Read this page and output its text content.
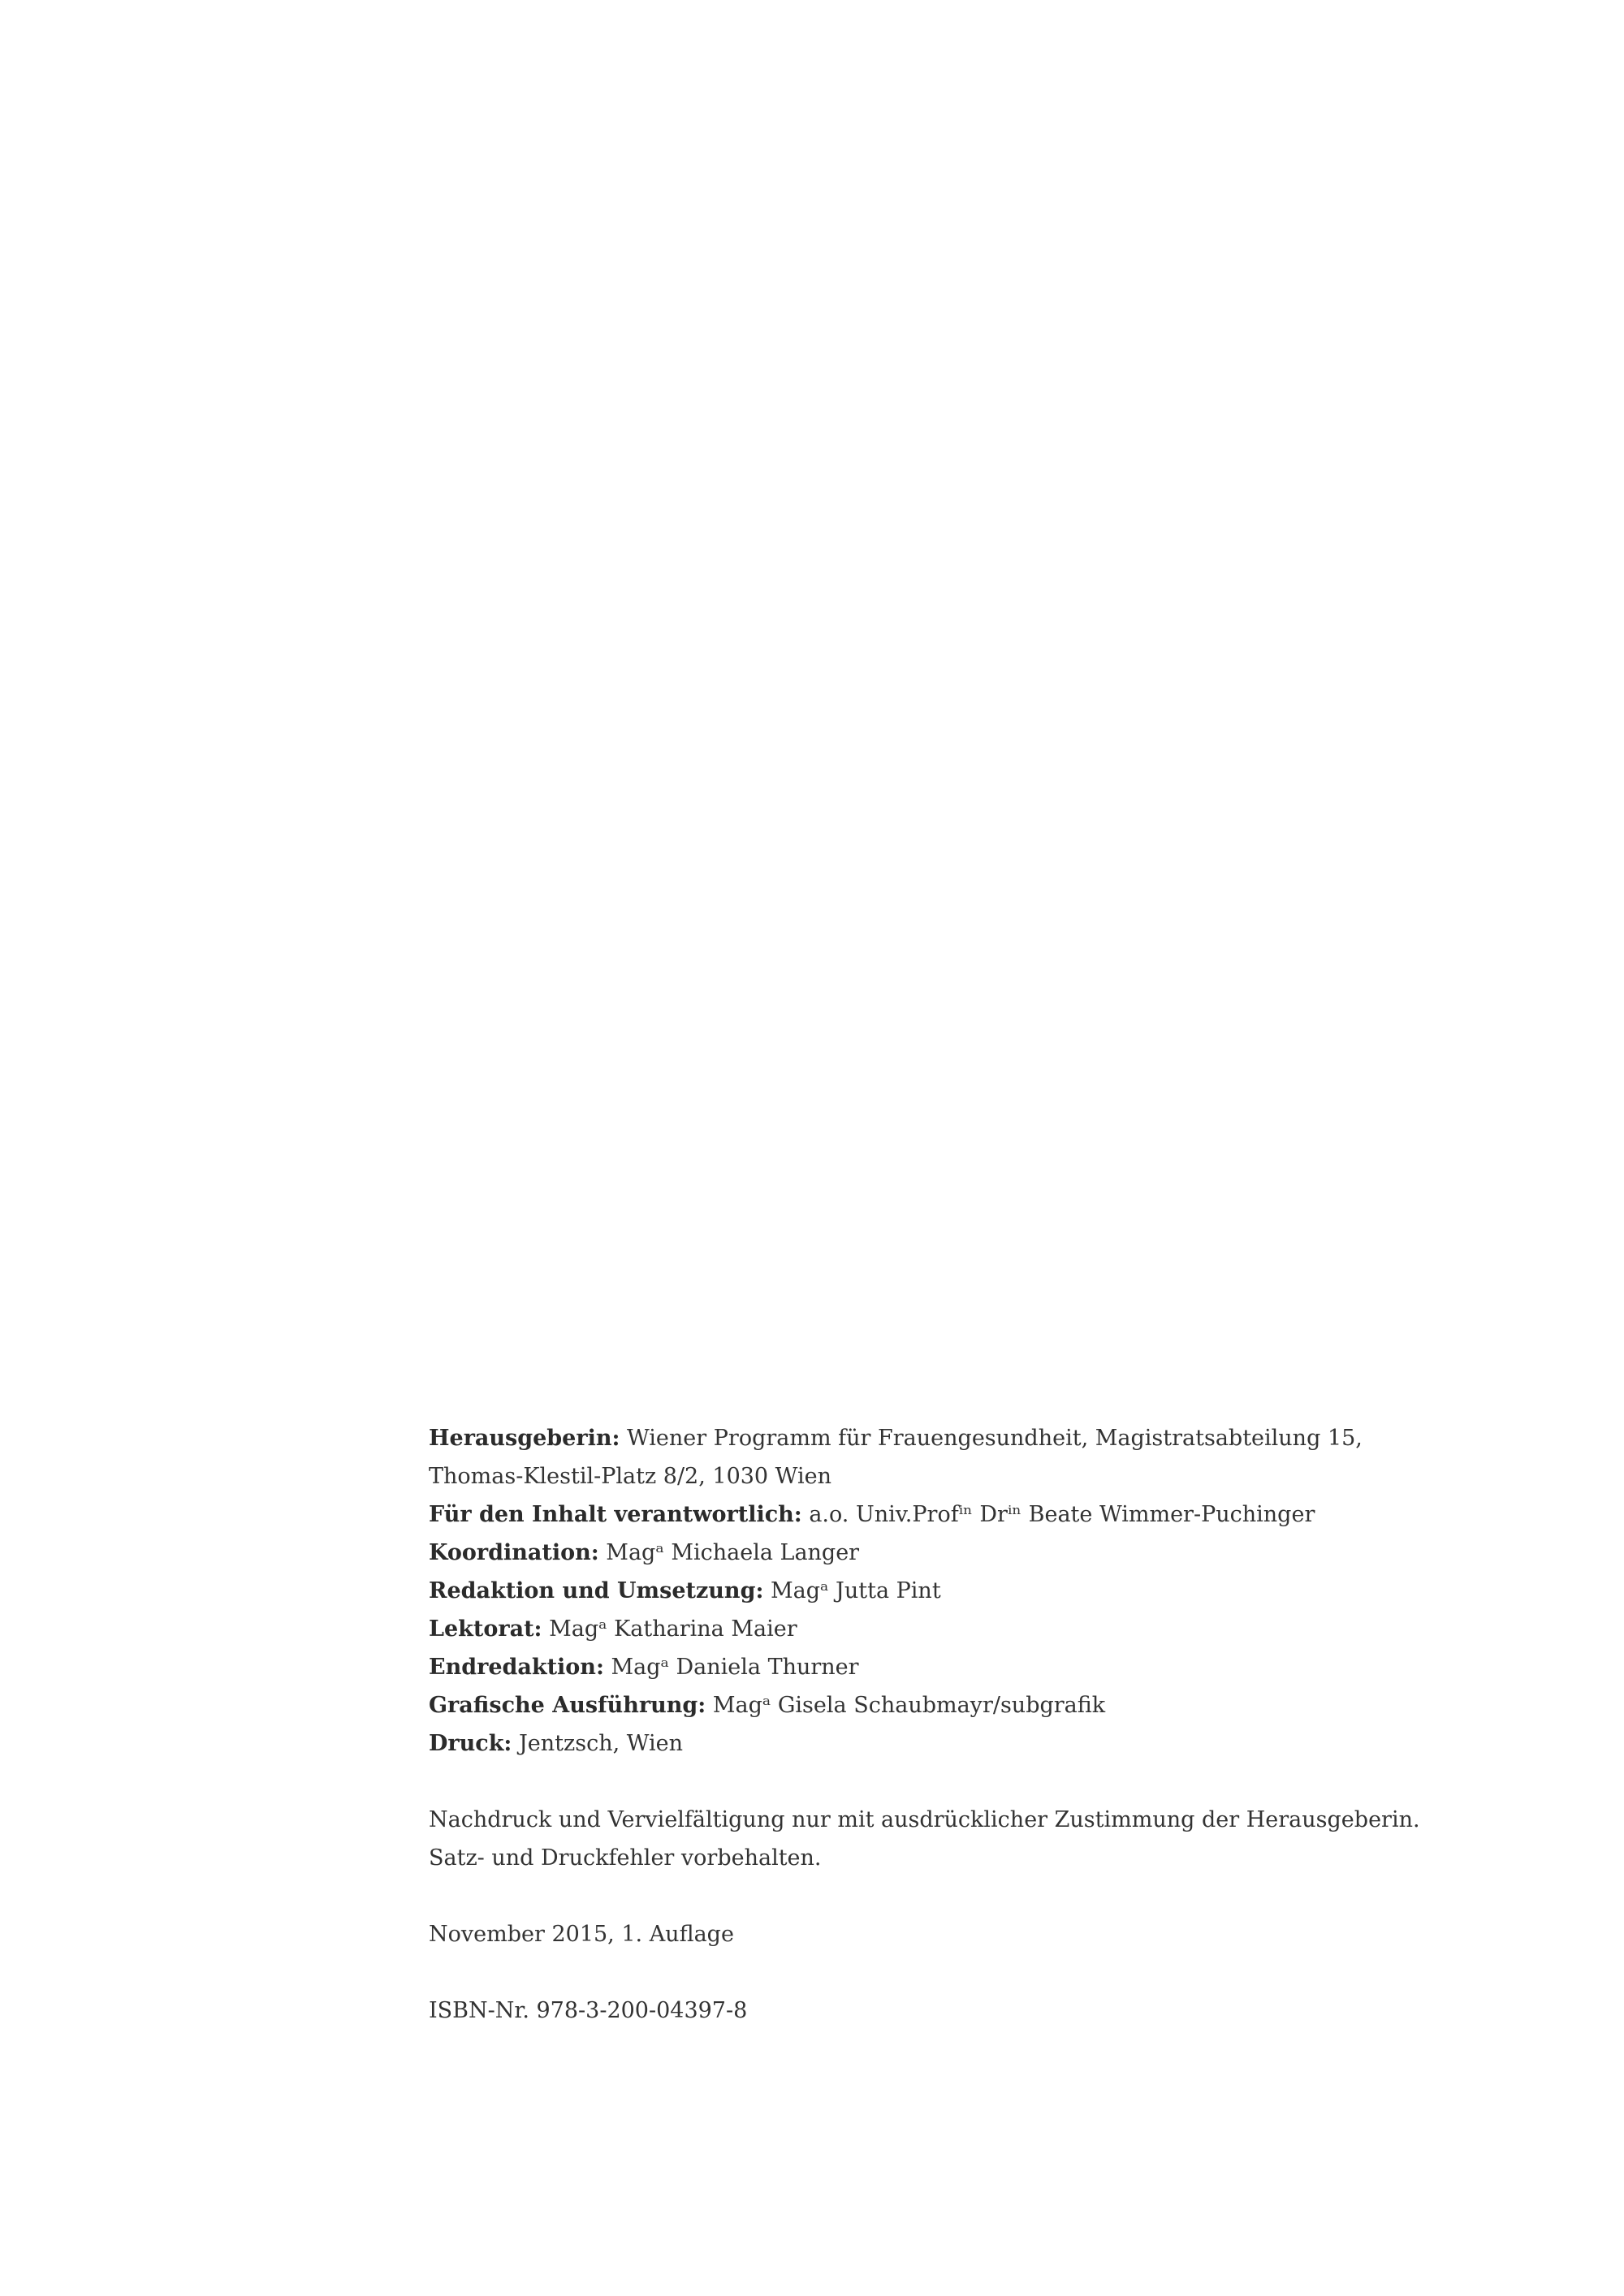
Herausgeberin: Wiener Programm für Frauengesundheit, Magistratsabteilung 15,
Thomas-Klestil-Platz 8/2, 1030 Wien
Für den Inhalt verantwortlich: a.o. Univ.Profⁱⁿ Drⁱⁿ Beate Wimmer-Puchinger
Koordination: Magᵃ Michaela Langer
Redaktion und Umsetzung: Magᵃ Jutta Pint
Lektorat: Magᵃ Katharina Maier
Endredaktion: Magᵃ Daniela Thurner
Grafische Ausführung: Magᵃ Gisela Schaubmayr/subgrafik
Druck: Jentzsch, Wien
Nachdruck und Vervielfältigung nur mit ausdrücklicher Zustimmung der Herausgeberin.
Satz- und Druckfehler vorbehalten.
November 2015, 1. Auflage
ISBN-Nr. 978-3-200-04397-8
